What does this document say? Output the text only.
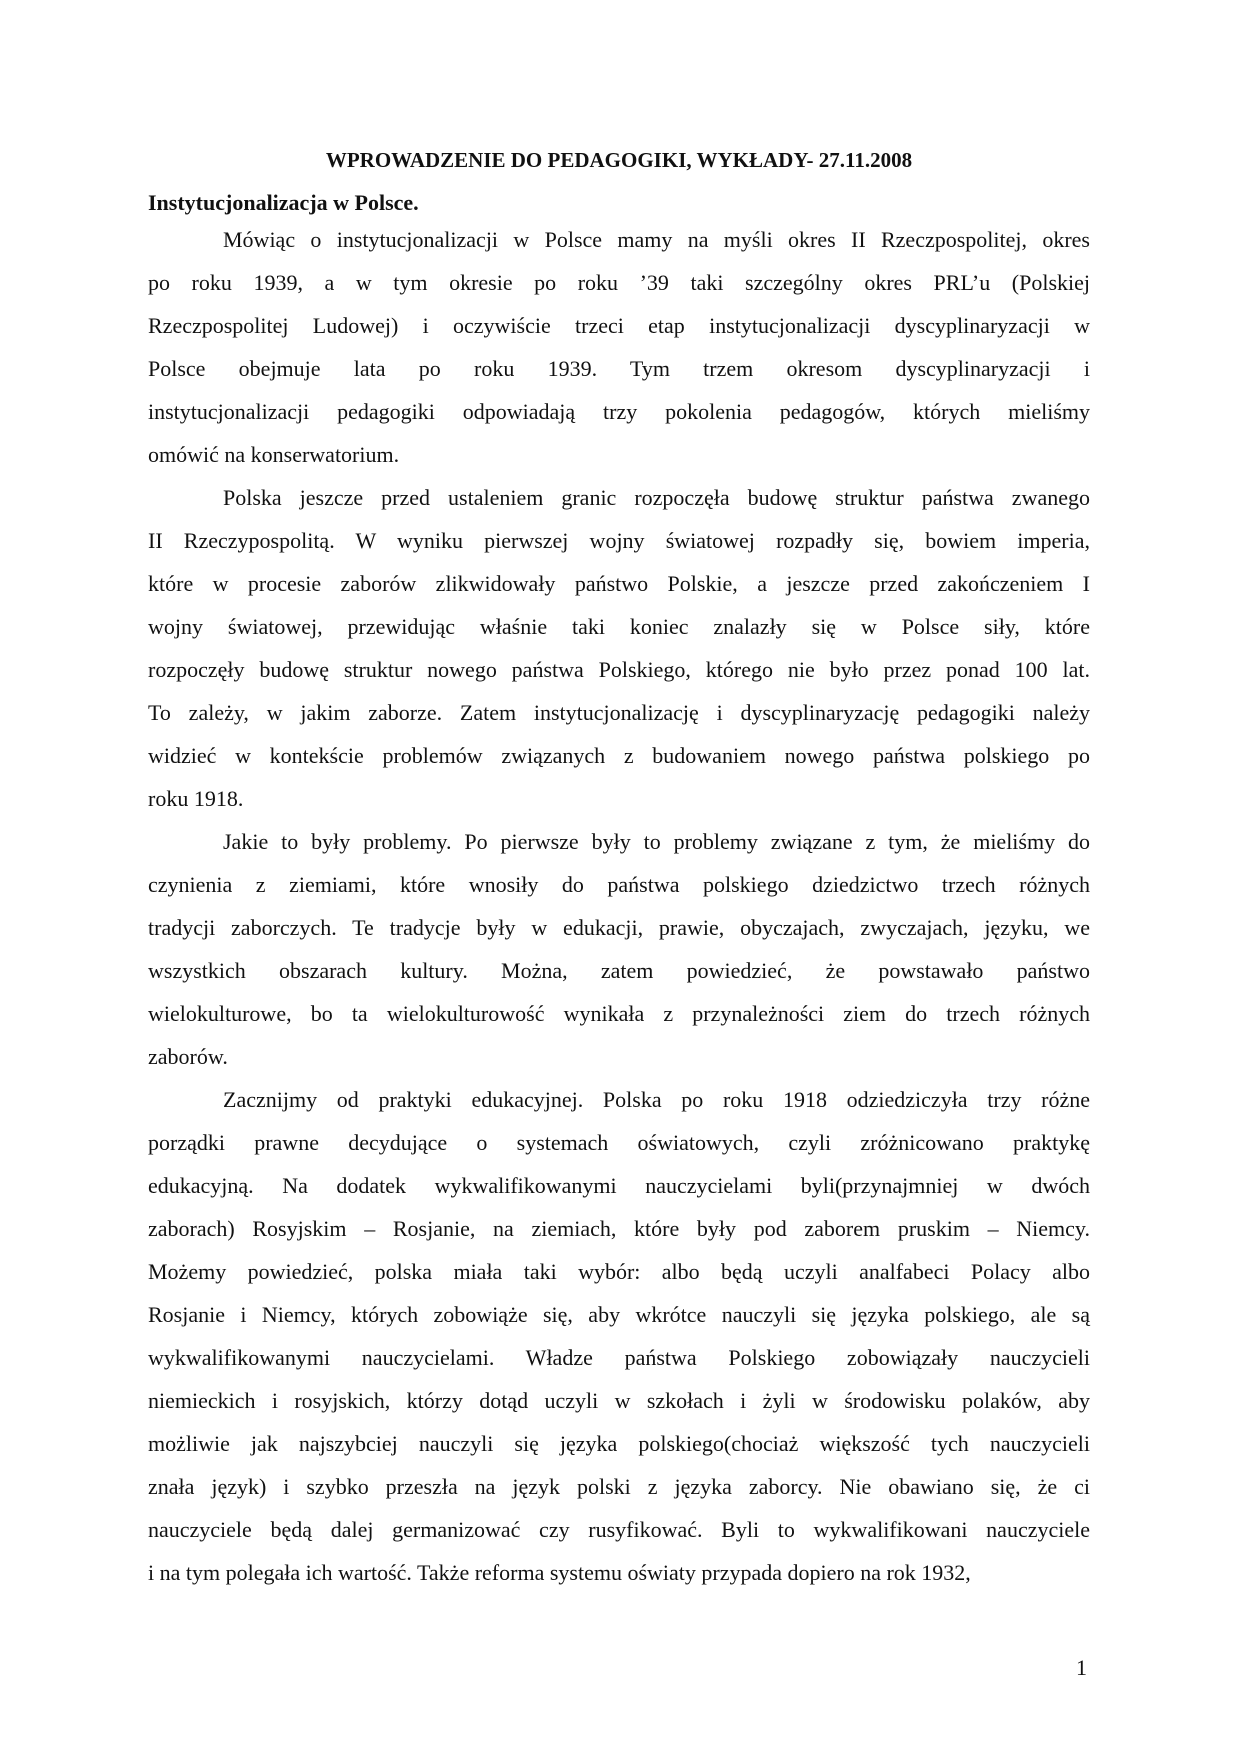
WPROWADZENIE DO PEDAGOGIKI, WYKŁADY- 27.11.2008
Instytucjonalizacja w Polsce.
Mówiąc o instytucjonalizacji w Polsce mamy na myśli okres II Rzeczpospolitej, okres
po roku 1939, a w tym okresie po roku ’39 taki szczególny okres PRL’u (Polskiej
Rzeczpospolitej Ludowej) i oczywiście trzeci etap instytucjonalizacji dyscyplinaryzacji w
Polsce obejmuje lata po roku 1939. Tym trzem okresom dyscyplinaryzacji i
instytucjonalizacji pedagogiki odpowiadają trzy pokolenia pedagogów, których mieliśmy
omówić na konserwatorium.
Polska jeszcze przed ustaleniem granic rozpoczęła budowę struktur państwa zwanego
II Rzeczypospolitą. W wyniku pierwszej wojny światowej rozpadły się, bowiem imperia,
które w procesie zaborów zlikwidowały państwo Polskie, a jeszcze przed zakończeniem I
wojny światowej, przewidując właśnie taki koniec znalazły się w Polsce siły, które
rozpoczęły budowę struktur nowego państwa Polskiego, którego nie było przez ponad 100 lat.
To zależy, w jakim zaborze. Zatem instytucjonalizację i dyscyplinaryzację pedagogiki należy
widzieć w kontekście problemów związanych z budowaniem nowego państwa polskiego po
roku 1918.
Jakie to były problemy. Po pierwsze były to problemy związane z tym, że mieliśmy do
czynienia z ziemiami, które wnosiły do państwa polskiego dziedzictwo trzech różnych
tradycji zaborczych. Te tradycje były w edukacji, prawie, obyczajach, zwyczajach, języku, we
wszystkich obszarach kultury. Można, zatem powiedzieć, że powstawało państwo
wielokulturowe, bo ta wielokulturowość wynikała z przynależności ziem do trzech różnych
zaborów.
Zacznijmy od praktyki edukacyjnej. Polska po roku 1918 odziedziczyła trzy różne
porządki prawne decydujące o systemach oświatowych, czyli zróżnicowano praktykę
edukacyjną. Na dodatek wykwalifikowanymi nauczycielami byli(przynajmniej w dwóch
zaborach) Rosyjskim – Rosjanie, na ziemiach, które były pod zaborem pruskim – Niemcy.
Możemy powiedzieć, polska miała taki wybór: albo będą uczyli analfabeci Polacy albo
Rosjanie i Niemcy, których zobowiąże się, aby wkrótce nauczyli się języka polskiego, ale są
wykwalifikowanymi nauczycielami. Władze państwa Polskiego zobowiązały nauczycieli
niemieckich i rosyjskich, którzy dotąd uczyli w szkołach i żyli w środowisku polaków, aby
możliwie jak najszybciej nauczyli się języka polskiego(chociaż większość tych nauczycieli
znała język) i szybko przeszła na język polski z języka zaborcy. Nie obawiano się, że ci
nauczyciele będą dalej germanizować czy rusyfikować. Byli to wykwalifikowani nauczyciele
i na tym polegała ich wartość. Także reforma systemu oświaty przypada dopiero na rok 1932,
1
